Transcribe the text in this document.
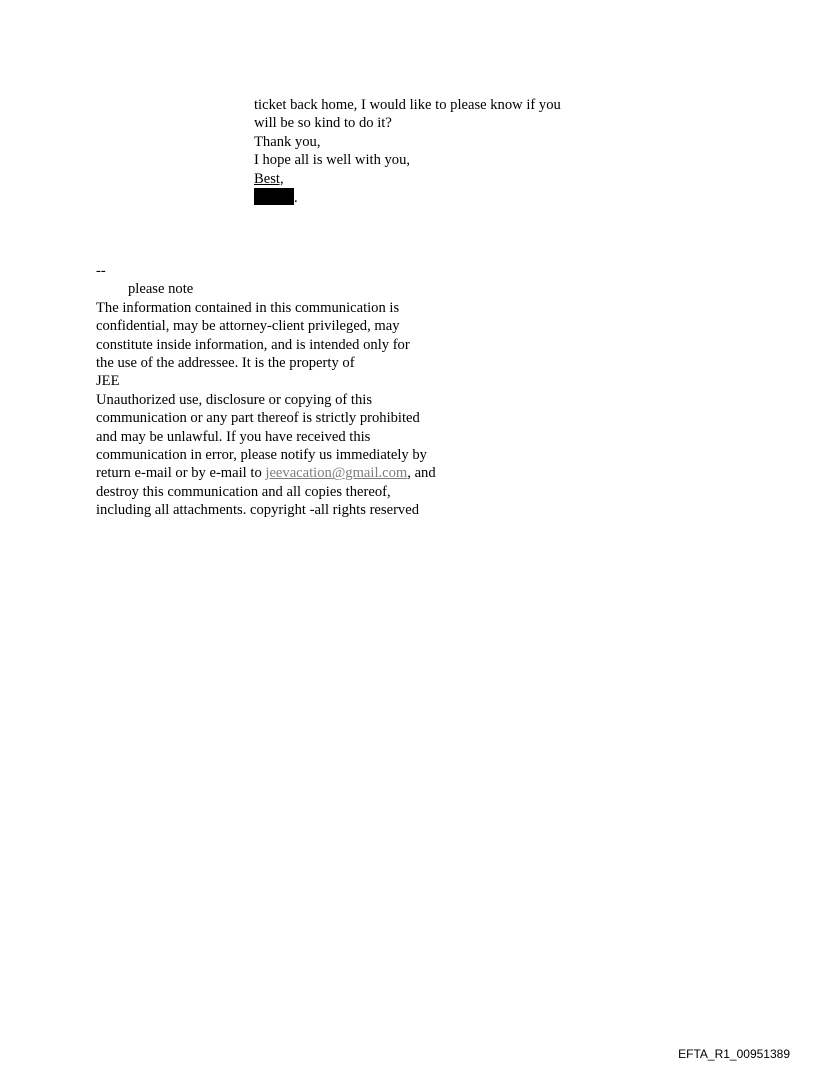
ticket back home, I would like to please know if you
will be so kind to do it?
Thank you,
I hope all is well with you,
Best,
.
--
please note
The information contained in this communication is
confidential, may be attorney-client privileged, may
constitute inside information, and is intended only for
the use of the addressee. It is the property of
JEE
Unauthorized use, disclosure or copying of this
communication or any part thereof is strictly prohibited
and may be unlawful. If you have received this
communication in error, please notify us immediately by
return e-mail or by e-mail to jeevacation@gmail.com, and
destroy this communication and all copies thereof,
including all attachments. copyright -all rights reserved
EFTA_R1_00951389
